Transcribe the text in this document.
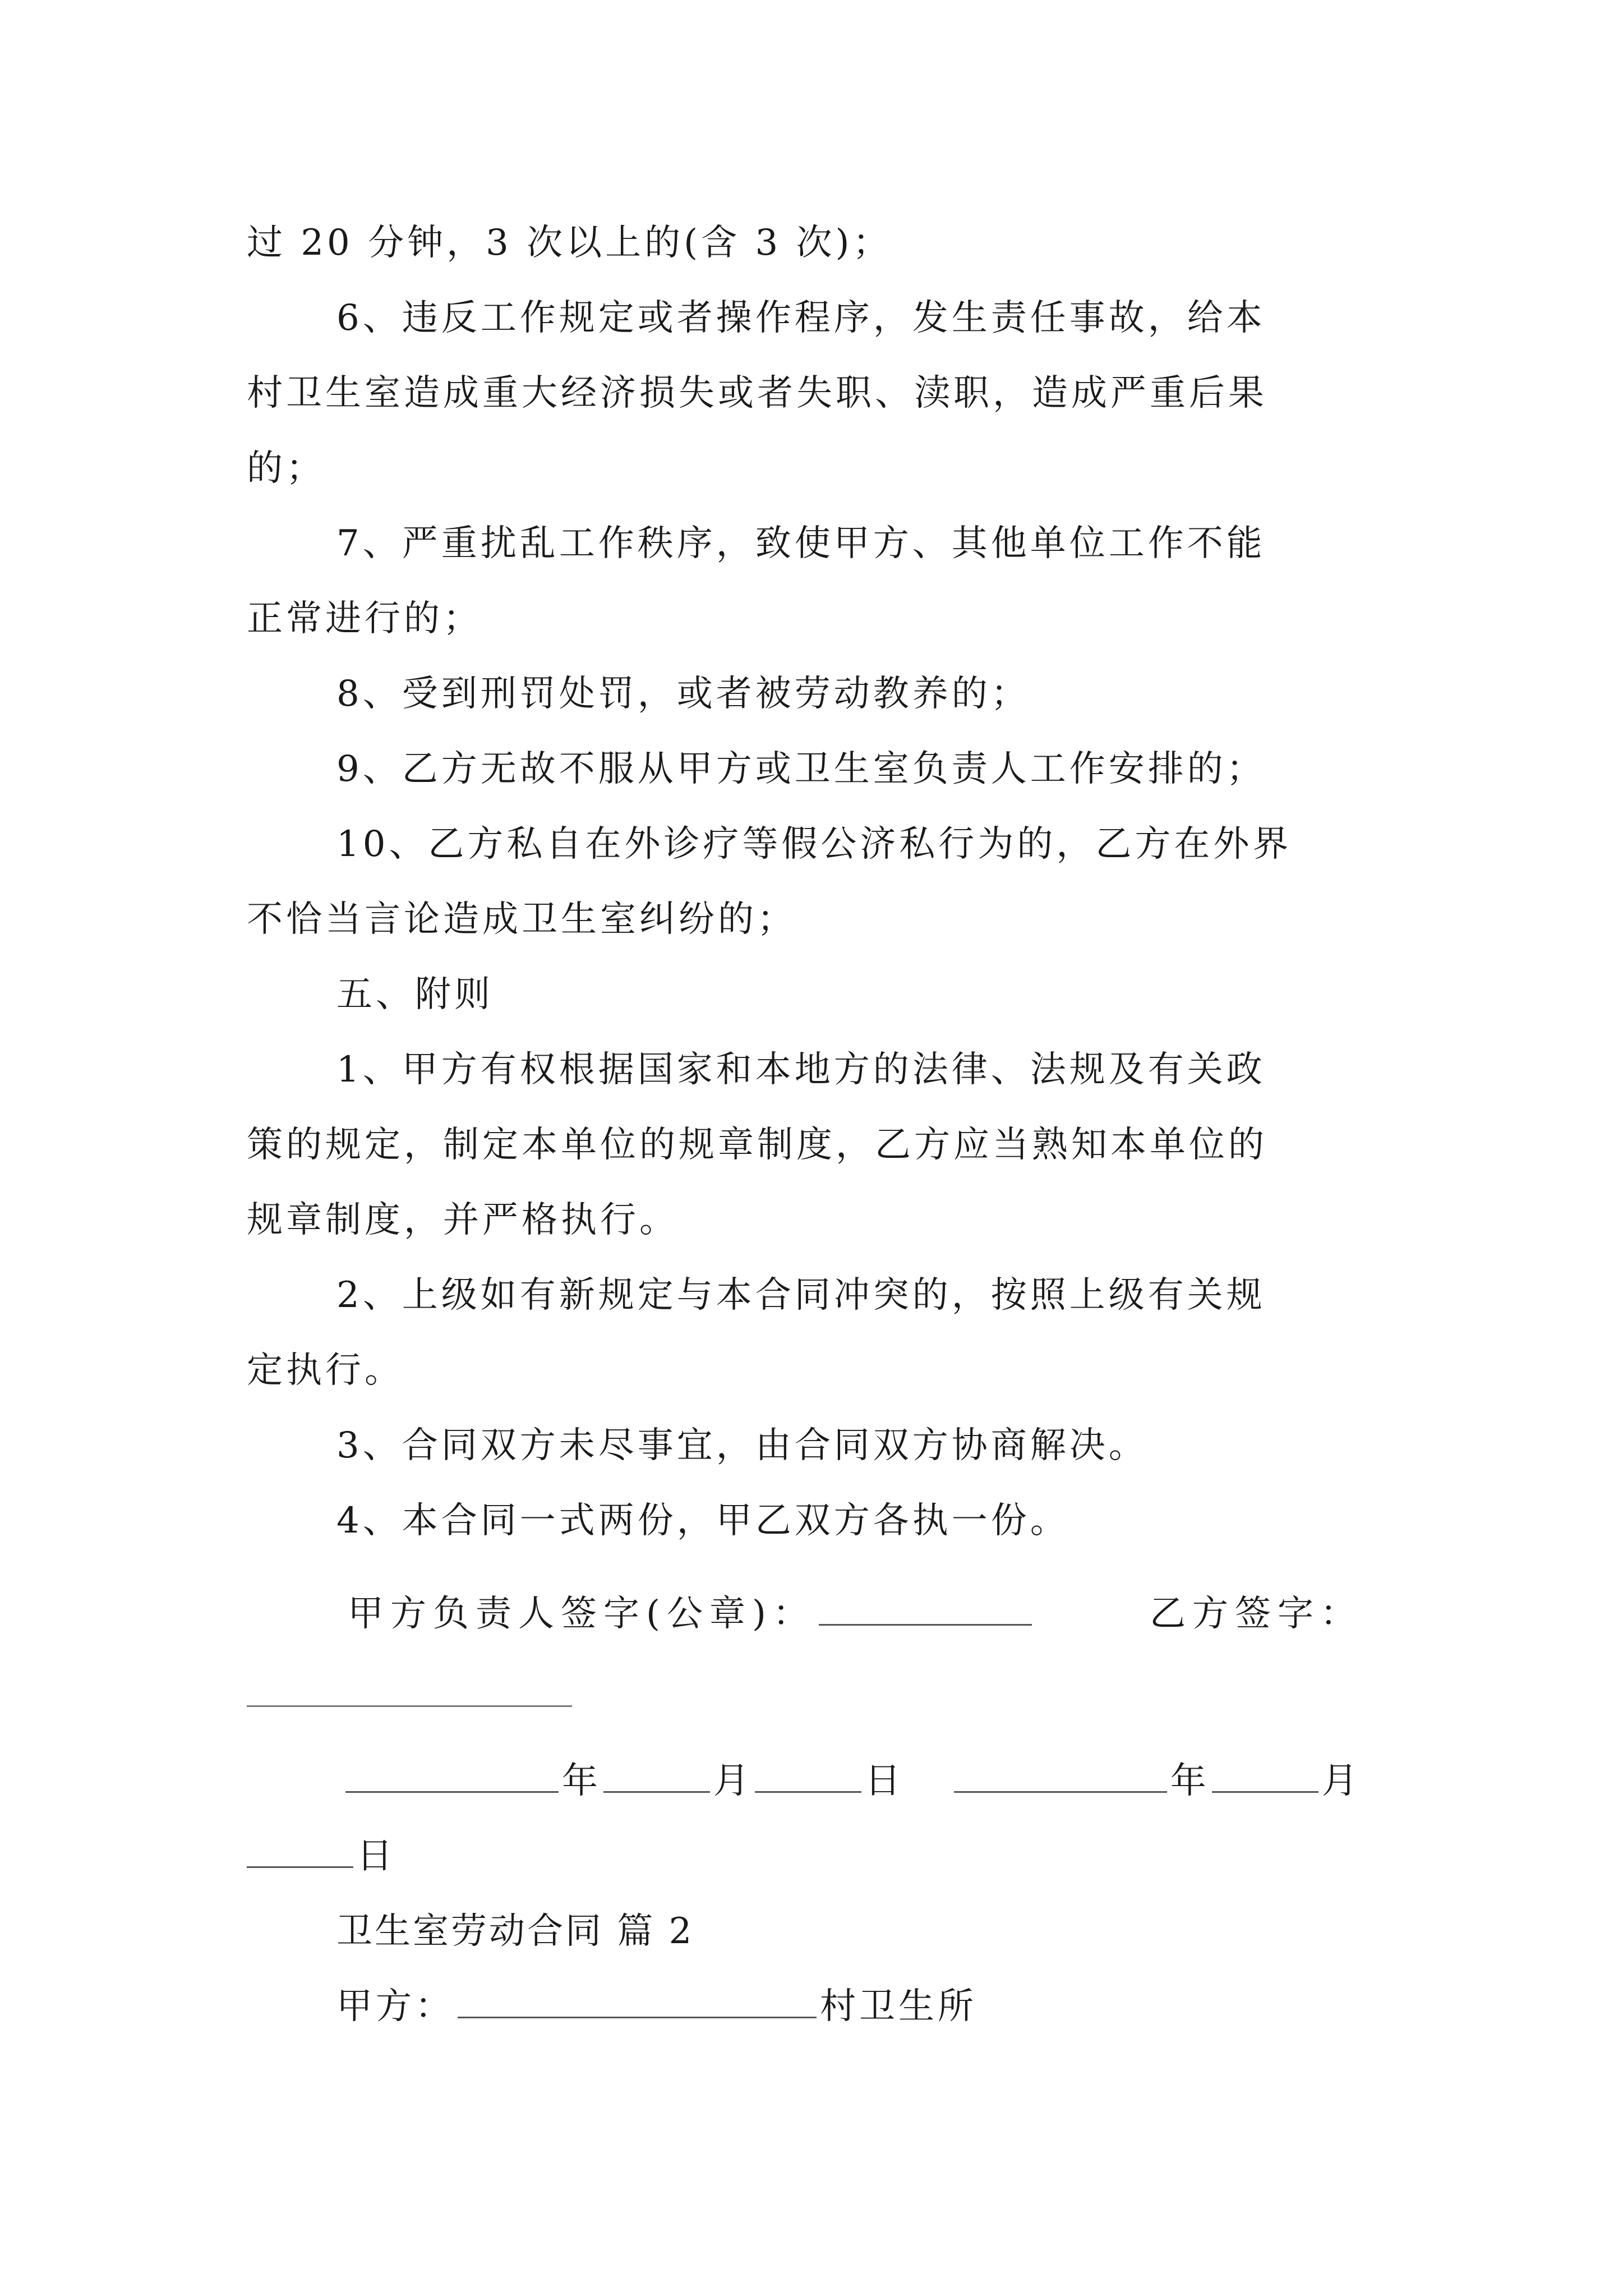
过 20 分钟，3 次以上的(含 3 次)；
6、违反工作规定或者操作程序，发生责任事故，给本
村卫生室造成重大经济损失或者失职、渎职，造成严重后果
的；
7、严重扰乱工作秩序，致使甲方、其他单位工作不能
正常进行的；
8、受到刑罚处罚，或者被劳动教养的；
9、乙方无故不服从甲方或卫生室负责人工作安排的；
10、乙方私自在外诊疗等假公济私行为的，乙方在外界
不恰当言论造成卫生室纠纷的；
五、附则
1、甲方有权根据国家和本地方的法律、法规及有关政
策的规定，制定本单位的规章制度，乙方应当熟知本单位的
规章制度，并严格执行。
2、上级如有新规定与本合同冲突的，按照上级有关规
定执行。
3、合同双方未尽事宜，由合同双方协商解决。
4、本合同一式两份，甲乙双方各执一份。
甲方负责人签字(公章)：	乙方签字：
年	月	日	年	月
日
卫生室劳动合同 篇 2
甲方：	村卫生所
